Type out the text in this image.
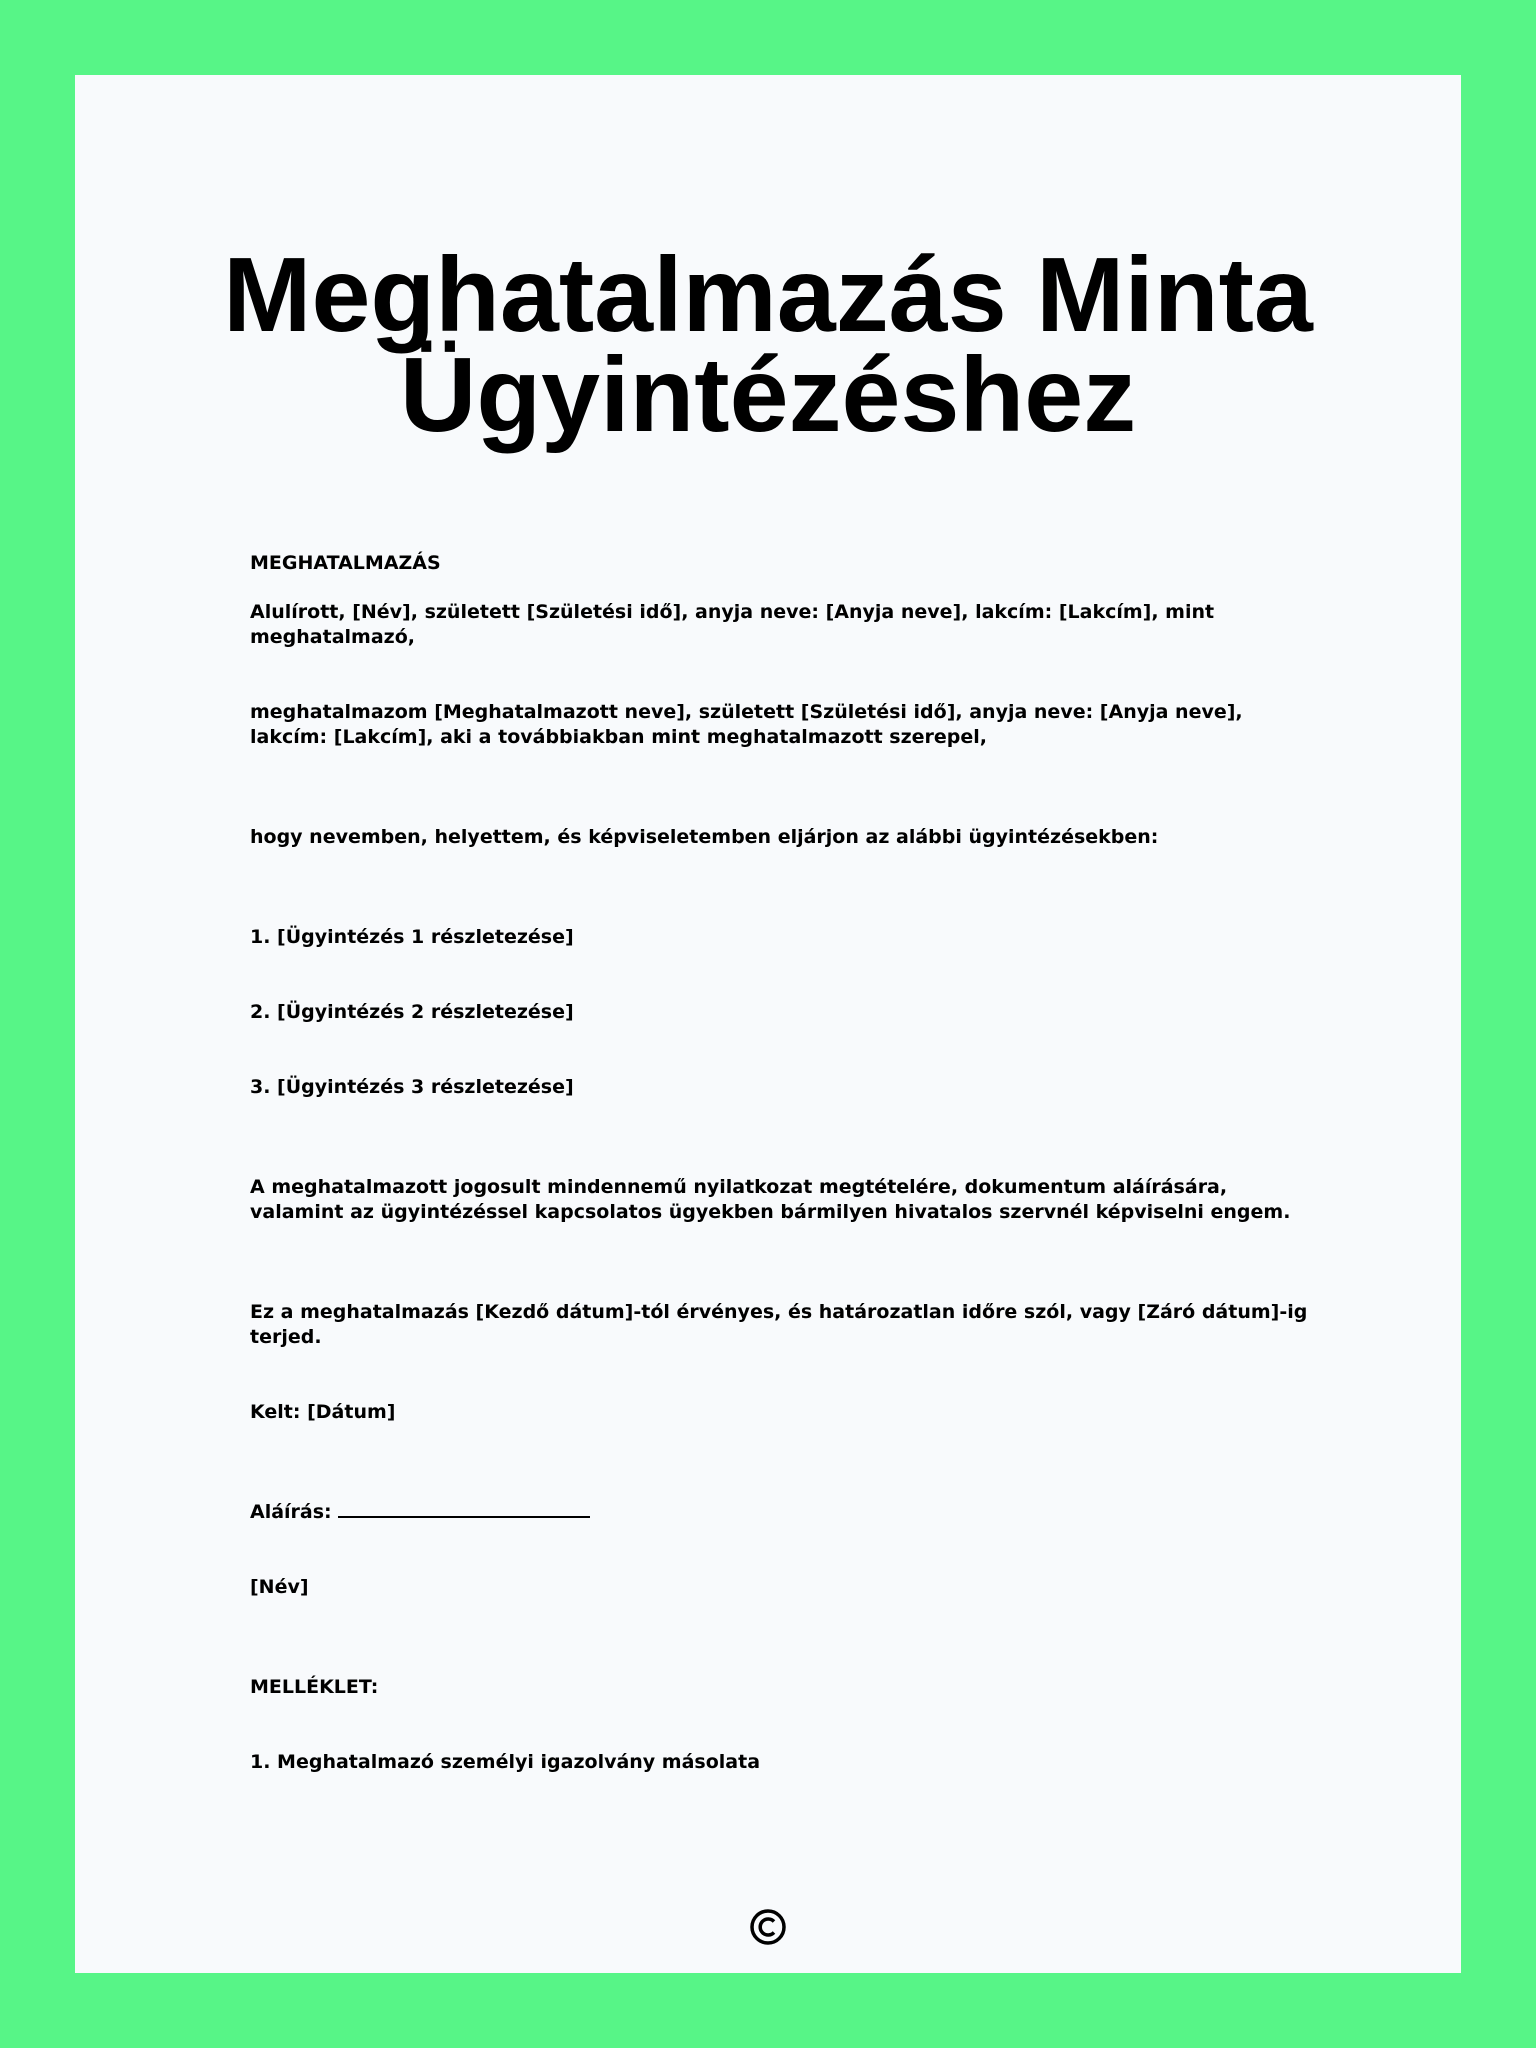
Meghatalmazás Minta
Ügyintézéshez

MEGHATALMAZÁS

Alulírott, [Név], született [Születési idő], anyja neve: [Anyja neve], lakcím: [Lakcím], mint meghatalmazó,

meghatalmazom [Meghatalmazott neve], született [Születési idő], anyja neve: [Anyja neve], lakcím: [Lakcím], aki a továbbiakban mint meghatalmazott szerepel,

hogy nevemben, helyettem, és képviseletemben eljárjon az alábbi ügyintézésekben:

1. [Ügyintézés 1 részletezése]

2. [Ügyintézés 2 részletezése]

3. [Ügyintézés 3 részletezése]

A meghatalmazott jogosult mindennemű nyilatkozat megtételére, dokumentum aláírására, valamint az ügyintézéssel kapcsolatos ügyekben bármilyen hivatalos szervnél képviselni engem.

Ez a meghatalmazás [Kezdő dátum]-tól érvényes, és határozatlan időre szól, vagy [Záró dátum]-ig terjed.

Kelt: [Dátum]

Aláírás:

[Név]

MELLÉKLET:

1. Meghatalmazó személyi igazolvány másolata
